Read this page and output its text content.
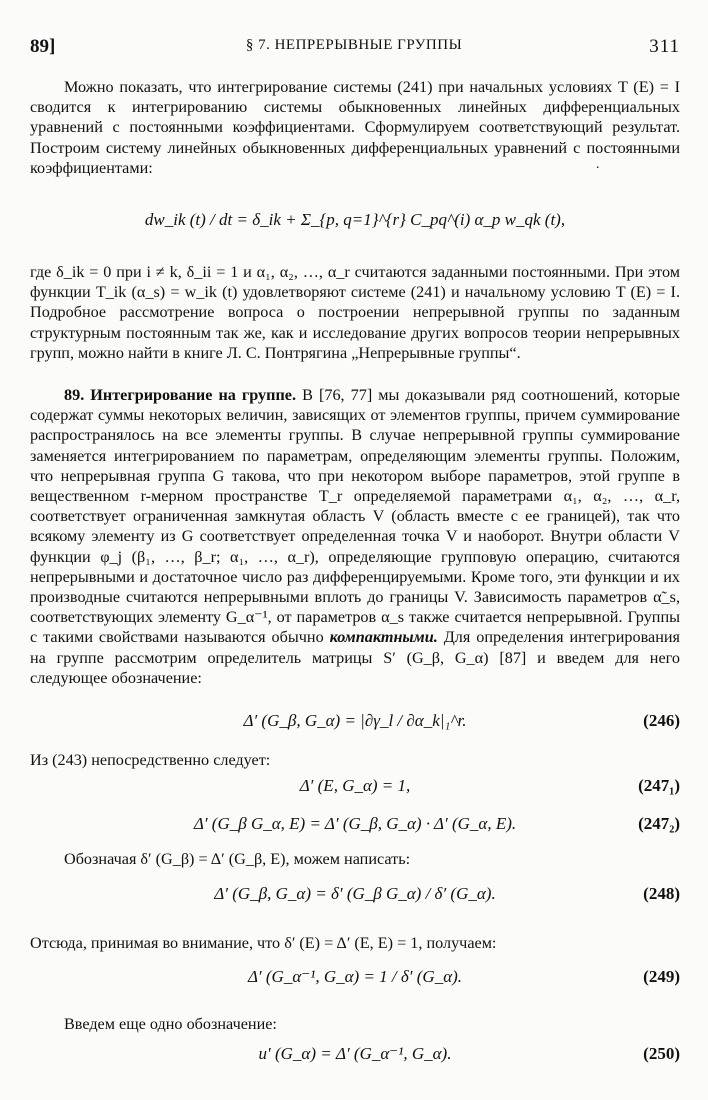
89]	§ 7. НЕПРЕРЫВНЫЕ ГРУППЫ	311
Можно показать, что интегрирование системы (241) при начальных условиях T (E) = I сводится к интегрированию системы обыкновенных линейных дифференциальных уравнений с постоянными коэффициентами. Сформулируем соответствующий результат. Построим систему линейных обыкновенных дифференциальных уравнений с постоянными коэффициентами:	·
dw_ik (t) / dt = δ_ik + Σ_{p, q=1}^{r} C_pq^(i) α_p w_qk (t),
где δ_ik = 0 при i ≠ k, δ_ii = 1 и α₁, α₂, …, α_r считаются заданными постоянными. При этом функции T_ik (α_s) = w_ik (t) удовлетворяют системе (241) и начальному условию T (E) = I. Подробное рассмотрение вопроса о построении непрерывной группы по заданным структурным постоянным так же, как и исследование других вопросов теории непрерывных групп, можно найти в книге Л. С. Понтрягина „Непрерывные группы“.
89. Интегрирование на группе. В [76, 77] мы доказывали ряд соотношений, которые содержат суммы некоторых величин, зависящих от элементов группы, причем суммирование распространялось на все элементы группы. В случае непрерывной группы суммирование заменяется интегрированием по параметрам, определяющим элементы группы. Положим, что непрерывная группа G такова, что при некотором выборе параметров, этой группе в вещественном r-мерном пространстве T_r определяемой параметрами α₁, α₂, …, α_r, соответствует ограниченная замкнутая область V (область вместе с ее границей), так что всякому элементу из G соответствует определенная точка V и наоборот. Внутри области V функции φ_j (β₁, …, β_r; α₁, …, α_r), определяющие групповую операцию, считаются непрерывными и достаточное число раз дифференцируемыми. Кроме того, эти функции и их производные считаются непрерывными вплоть до границы V. Зависимость параметров α̃_s, соответствующих элементу G_α⁻¹, от параметров α_s также считается непрерывной. Группы с такими свойствами называются обычно компактными. Для определения интегрирования на группе рассмотрим определитель матрицы S′ (G_β, G_α) [87] и введем для него следующее обозначение:
Δ′ (G_β, G_α) = |∂γ_l / ∂α_k|₁^r.	(246)
Из (243) непосредственно следует:
Δ′ (E, G_α) = 1,	(247₁)
Δ′ (G_β G_α, E) = Δ′ (G_β, G_α) · Δ′ (G_α, E).	(247₂)
Обозначая δ′ (G_β) = Δ′ (G_β, E), можем написать:
Δ′ (G_β, G_α) = δ′ (G_β G_α) / δ′ (G_α).	(248)
Отсюда, принимая во внимание, что δ′ (E) = Δ′ (E, E) = 1, получаем:
Δ′ (G_α⁻¹, G_α) = 1 / δ′ (G_α).	(249)
Введем еще одно обозначение:
u′ (G_α) = Δ′ (G_α⁻¹, G_α).	(250)
